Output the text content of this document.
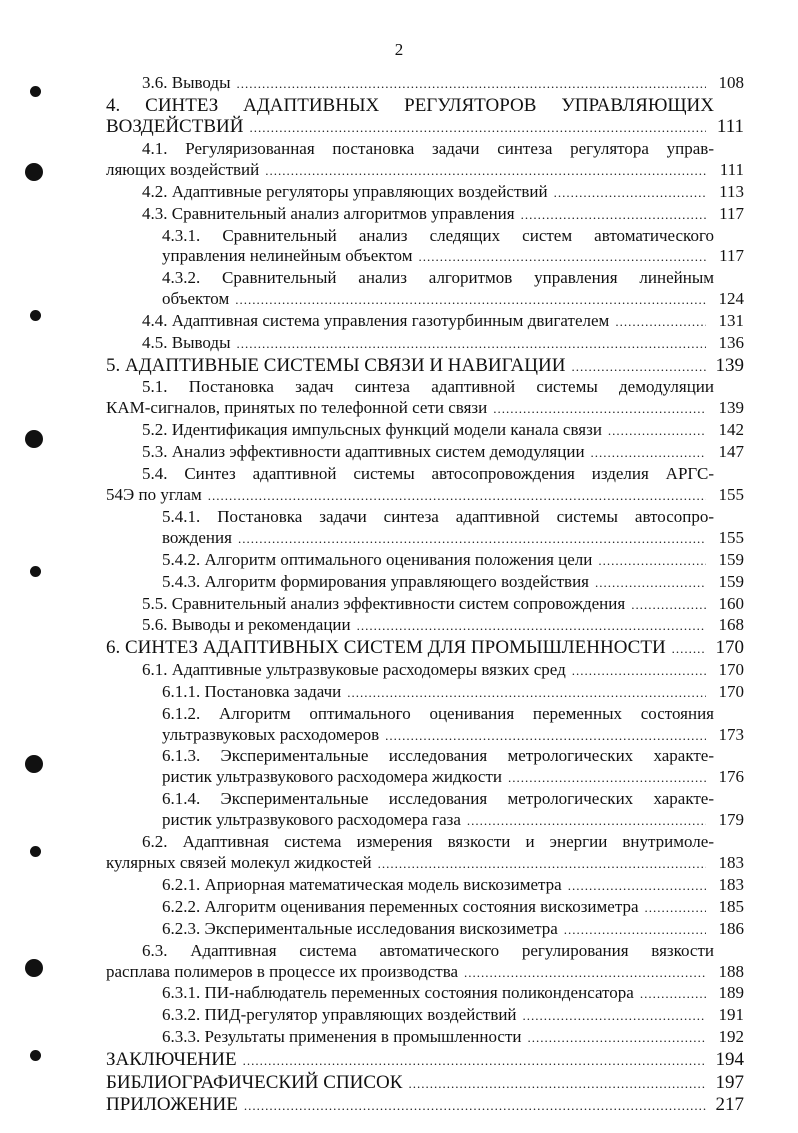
2
3.6. Выводы .....	108
4. СИНТЕЗ АДАПТИВНЫХ РЕГУЛЯТОРОВ УПРАВЛЯЮЩИХ
ВОЗДЕЙСТВИЙ .....	111
4.1. Регуляризованная постановка задачи синтеза регулятора управ-
ляющих воздействий .....	111
4.2. Адаптивные регуляторы управляющих воздействий .....	113
4.3. Сравнительный анализ алгоритмов управления .....	117
4.3.1. Сравнительный анализ следящих систем автоматического
управления нелинейным объектом .....	117
4.3.2. Сравнительный анализ алгоритмов управления линейным
объектом .....	124
4.4. Адаптивная система управления газотурбинным двигателем .....	131
4.5. Выводы .....	136
5. АДАПТИВНЫЕ СИСТЕМЫ СВЯЗИ И НАВИГАЦИИ .....	139
5.1. Постановка задач синтеза адаптивной системы демодуляции
КАМ-сигналов, принятых по телефонной сети связи .....	139
5.2. Идентификация импульсных функций модели канала связи .....	142
5.3. Анализ эффективности адаптивных систем демодуляции .....	147
5.4. Синтез адаптивной системы автосопровождения изделия АРГС-
54Э по углам .....	155
5.4.1. Постановка задачи синтеза адаптивной системы автосопро-
вождения .....	155
5.4.2. Алгоритм оптимального оценивания положения цели .....	159
5.4.3. Алгоритм формирования управляющего воздействия .....	159
5.5. Сравнительный анализ эффективности систем сопровождения .....	160
5.6. Выводы и рекомендации .....	168
6. СИНТЕЗ АДАПТИВНЫХ СИСТЕМ ДЛЯ ПРОМЫШЛЕННОСТИ .....	170
6.1. Адаптивные ультразвуковые расходомеры вязких сред .....	170
6.1.1. Постановка задачи .....	170
6.1.2. Алгоритм оптимального оценивания переменных состояния
ультразвуковых расходомеров .....	173
6.1.3. Экспериментальные исследования метрологических характе-
ристик ультразвукового расходомера жидкости .....	176
6.1.4. Экспериментальные исследования метрологических характе-
ристик ультразвукового расходомера газа .....	179
6.2. Адаптивная система измерения вязкости и энергии внутримоле-
кулярных связей молекул жидкостей .....	183
6.2.1. Априорная математическая модель вискозиметра .....	183
6.2.2. Алгоритм оценивания переменных состояния вискозиметра .....	185
6.2.3. Экспериментальные исследования вискозиметра .....	186
6.3. Адаптивная система автоматического регулирования вязкости
расплава полимеров в процессе их производства .....	188
6.3.1. ПИ-наблюдатель переменных состояния поликонденсатора .....	189
6.3.2. ПИД-регулятор управляющих воздействий .....	191
6.3.3. Результаты применения в промышленности .....	192
ЗАКЛЮЧЕНИЕ .....	194
БИБЛИОГРАФИЧЕСКИЙ СПИСОК .....	197
ПРИЛОЖЕНИЕ .....	217
